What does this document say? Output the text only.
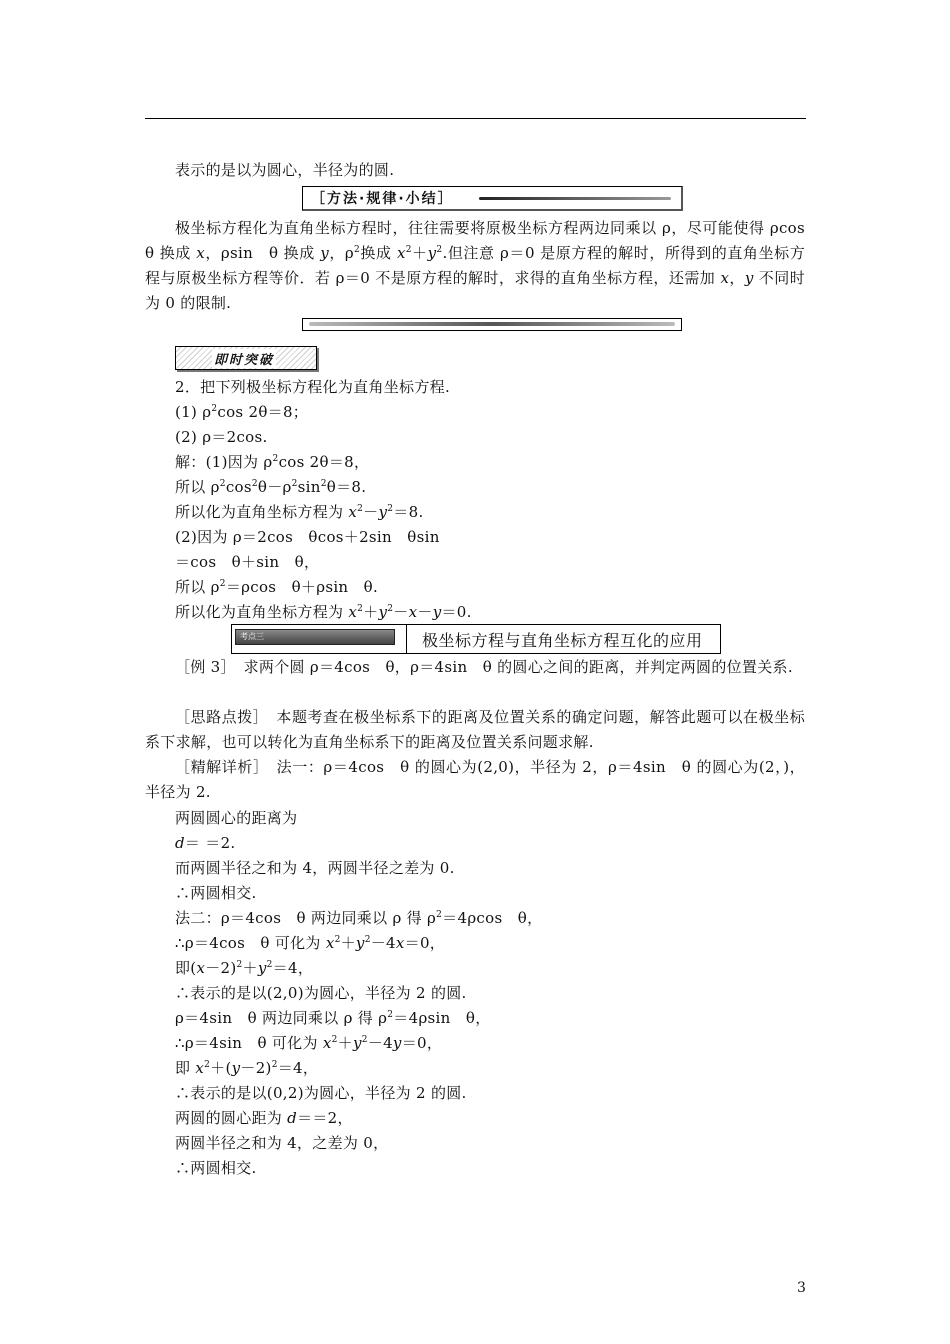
表示的是以为圆心，半径为的圆.
［方法·规律·小结］
极坐标方程化为直角坐标方程时，往往需要将原极坐标方程两边同乘以 ρ，尽可能使得 ρcos　θ 换成 x，ρsin　θ 换成 y，$\rho^2$换成 $x^2+y^2$.但注意 ρ＝0 是原方程的解时，所得到的直角坐标方程与原极坐标方程等价．若 ρ＝0 不是原方程的解时，求得的直角坐标方程，还需加 x，y 不同时为 0 的限制.
即时突破
2．把下列极坐标方程化为直角坐标方程.
(1) $\rho^2\cos$ 2θ＝8；
(2) ρ＝2cos.
解：(1)因为 $\rho^2\cos$ 2θ＝8，
所以 $\rho^2\cos^2\theta-\rho^2\sin^2\theta=8$.
所以化为直角坐标方程为 $x^2-y^2=8$.
(2)因为 ρ＝2cos　θcos＋2sin　θsin
＝cos　θ＋sin　θ，
所以 $\rho^2=\rho\cos$　θ＋ρsin　θ.
所以化为直角坐标方程为 $x^2+y^2-x-y=0$.
考点三	极坐标方程与直角坐标方程互化的应用
［例 3］　求两个圆 ρ＝4cos　θ，ρ＝4sin　θ 的圆心之间的距离，并判定两圆的位置关系.
［思路点拨］　本题考查在极坐标系下的距离及位置关系的确定问题，解答此题可以在极坐标系下求解，也可以转化为直角坐标系下的距离及位置关系问题求解.
［精解详析］　法一：ρ＝4cos　θ 的圆心为(2,0)，半径为 2，ρ＝4sin　θ 的圆心为(2，)，半径为 2.
两圆圆心的距离为
d＝ ＝2.
而两圆半径之和为 4，两圆半径之差为 0.
∴两圆相交.
法二：ρ＝4cos　θ 两边同乘以 ρ 得 $\rho^2=4\rho\cos$　θ，
∴ρ＝4cos　θ 可化为 $x^2+y^2-4x=0$，
即$(x-2)^2+y^2=4$，
∴表示的是以(2,0)为圆心，半径为 2 的圆.
ρ＝4sin　θ 两边同乘以 ρ 得 $\rho^2=4\rho\sin$　θ，
∴ρ＝4sin　θ 可化为 $x^2+y^2-4y=0$，
即 $x^2+(y-2)^2=4$，
∴表示的是以(0,2)为圆心，半径为 2 的圆.
两圆的圆心距为 d＝＝2，
两圆半径之和为 4，之差为 0，
∴两圆相交.
3
